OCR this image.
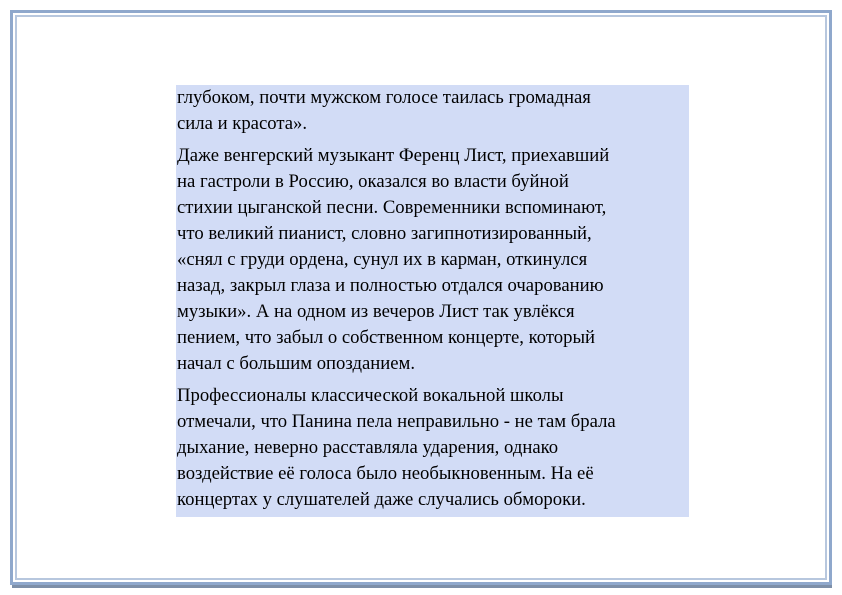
глубоком, почти мужском голосе таилась громадная
сила и красота».

Даже венгерский музыкант Ференц Лист, приехавший
на гастроли в Россию, оказался во власти буйной
стихии цыганской песни. Современники вспоминают,
что великий пианист, словно загипнотизированный,
«снял с груди ордена, сунул их в карман, откинулся
назад, закрыл глаза и полностью отдался очарованию
музыки». А на одном из вечеров Лист так увлёкся
пением, что забыл о собственном концерте, который
начал с большим опозданием.

Профессионалы классической вокальной школы
отмечали, что Панина пела неправильно - не там брала
дыхание, неверно расставляла ударения, однако
воздействие её голоса было необыкновенным. На её
концертах у слушателей даже случались обмороки.
